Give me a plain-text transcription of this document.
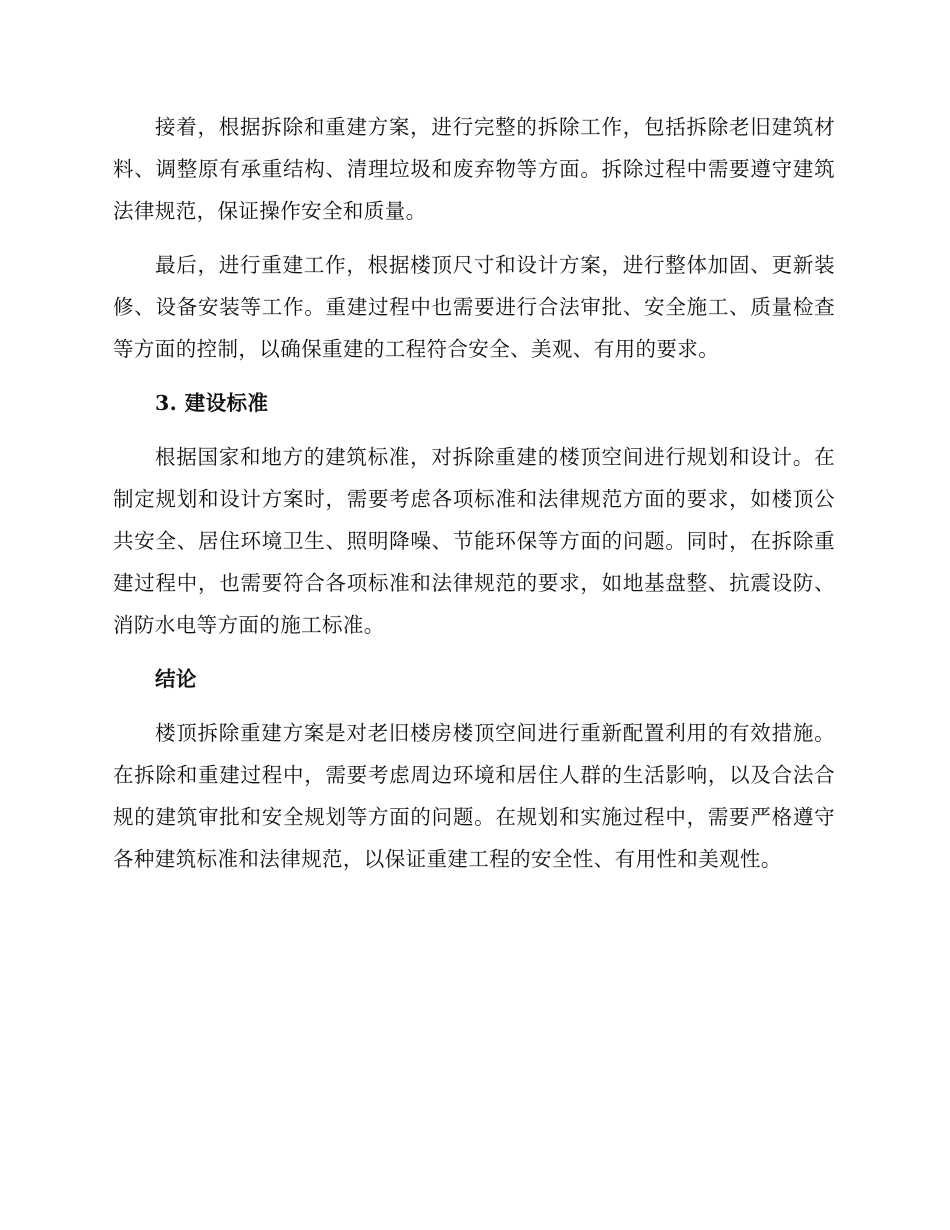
接着，根据拆除和重建方案，进行完整的拆除工作，包括拆除老旧建筑材料、调整原有承重结构、清理垃圾和废弃物等方面。拆除过程中需要遵守建筑法律规范，保证操作安全和质量。

最后，进行重建工作，根据楼顶尺寸和设计方案，进行整体加固、更新装修、设备安装等工作。重建过程中也需要进行合法审批、安全施工、质量检查等方面的控制，以确保重建的工程符合安全、美观、有用的要求。

3. 建设标准

根据国家和地方的建筑标准，对拆除重建的楼顶空间进行规划和设计。在制定规划和设计方案时，需要考虑各项标准和法律规范方面的要求，如楼顶公共安全、居住环境卫生、照明降噪、节能环保等方面的问题。同时，在拆除重建过程中，也需要符合各项标准和法律规范的要求，如地基盘整、抗震设防、消防水电等方面的施工标准。

结论

楼顶拆除重建方案是对老旧楼房楼顶空间进行重新配置利用的有效措施。在拆除和重建过程中，需要考虑周边环境和居住人群的生活影响，以及合法合规的建筑审批和安全规划等方面的问题。在规划和实施过程中，需要严格遵守各种建筑标准和法律规范，以保证重建工程的安全性、有用性和美观性。
